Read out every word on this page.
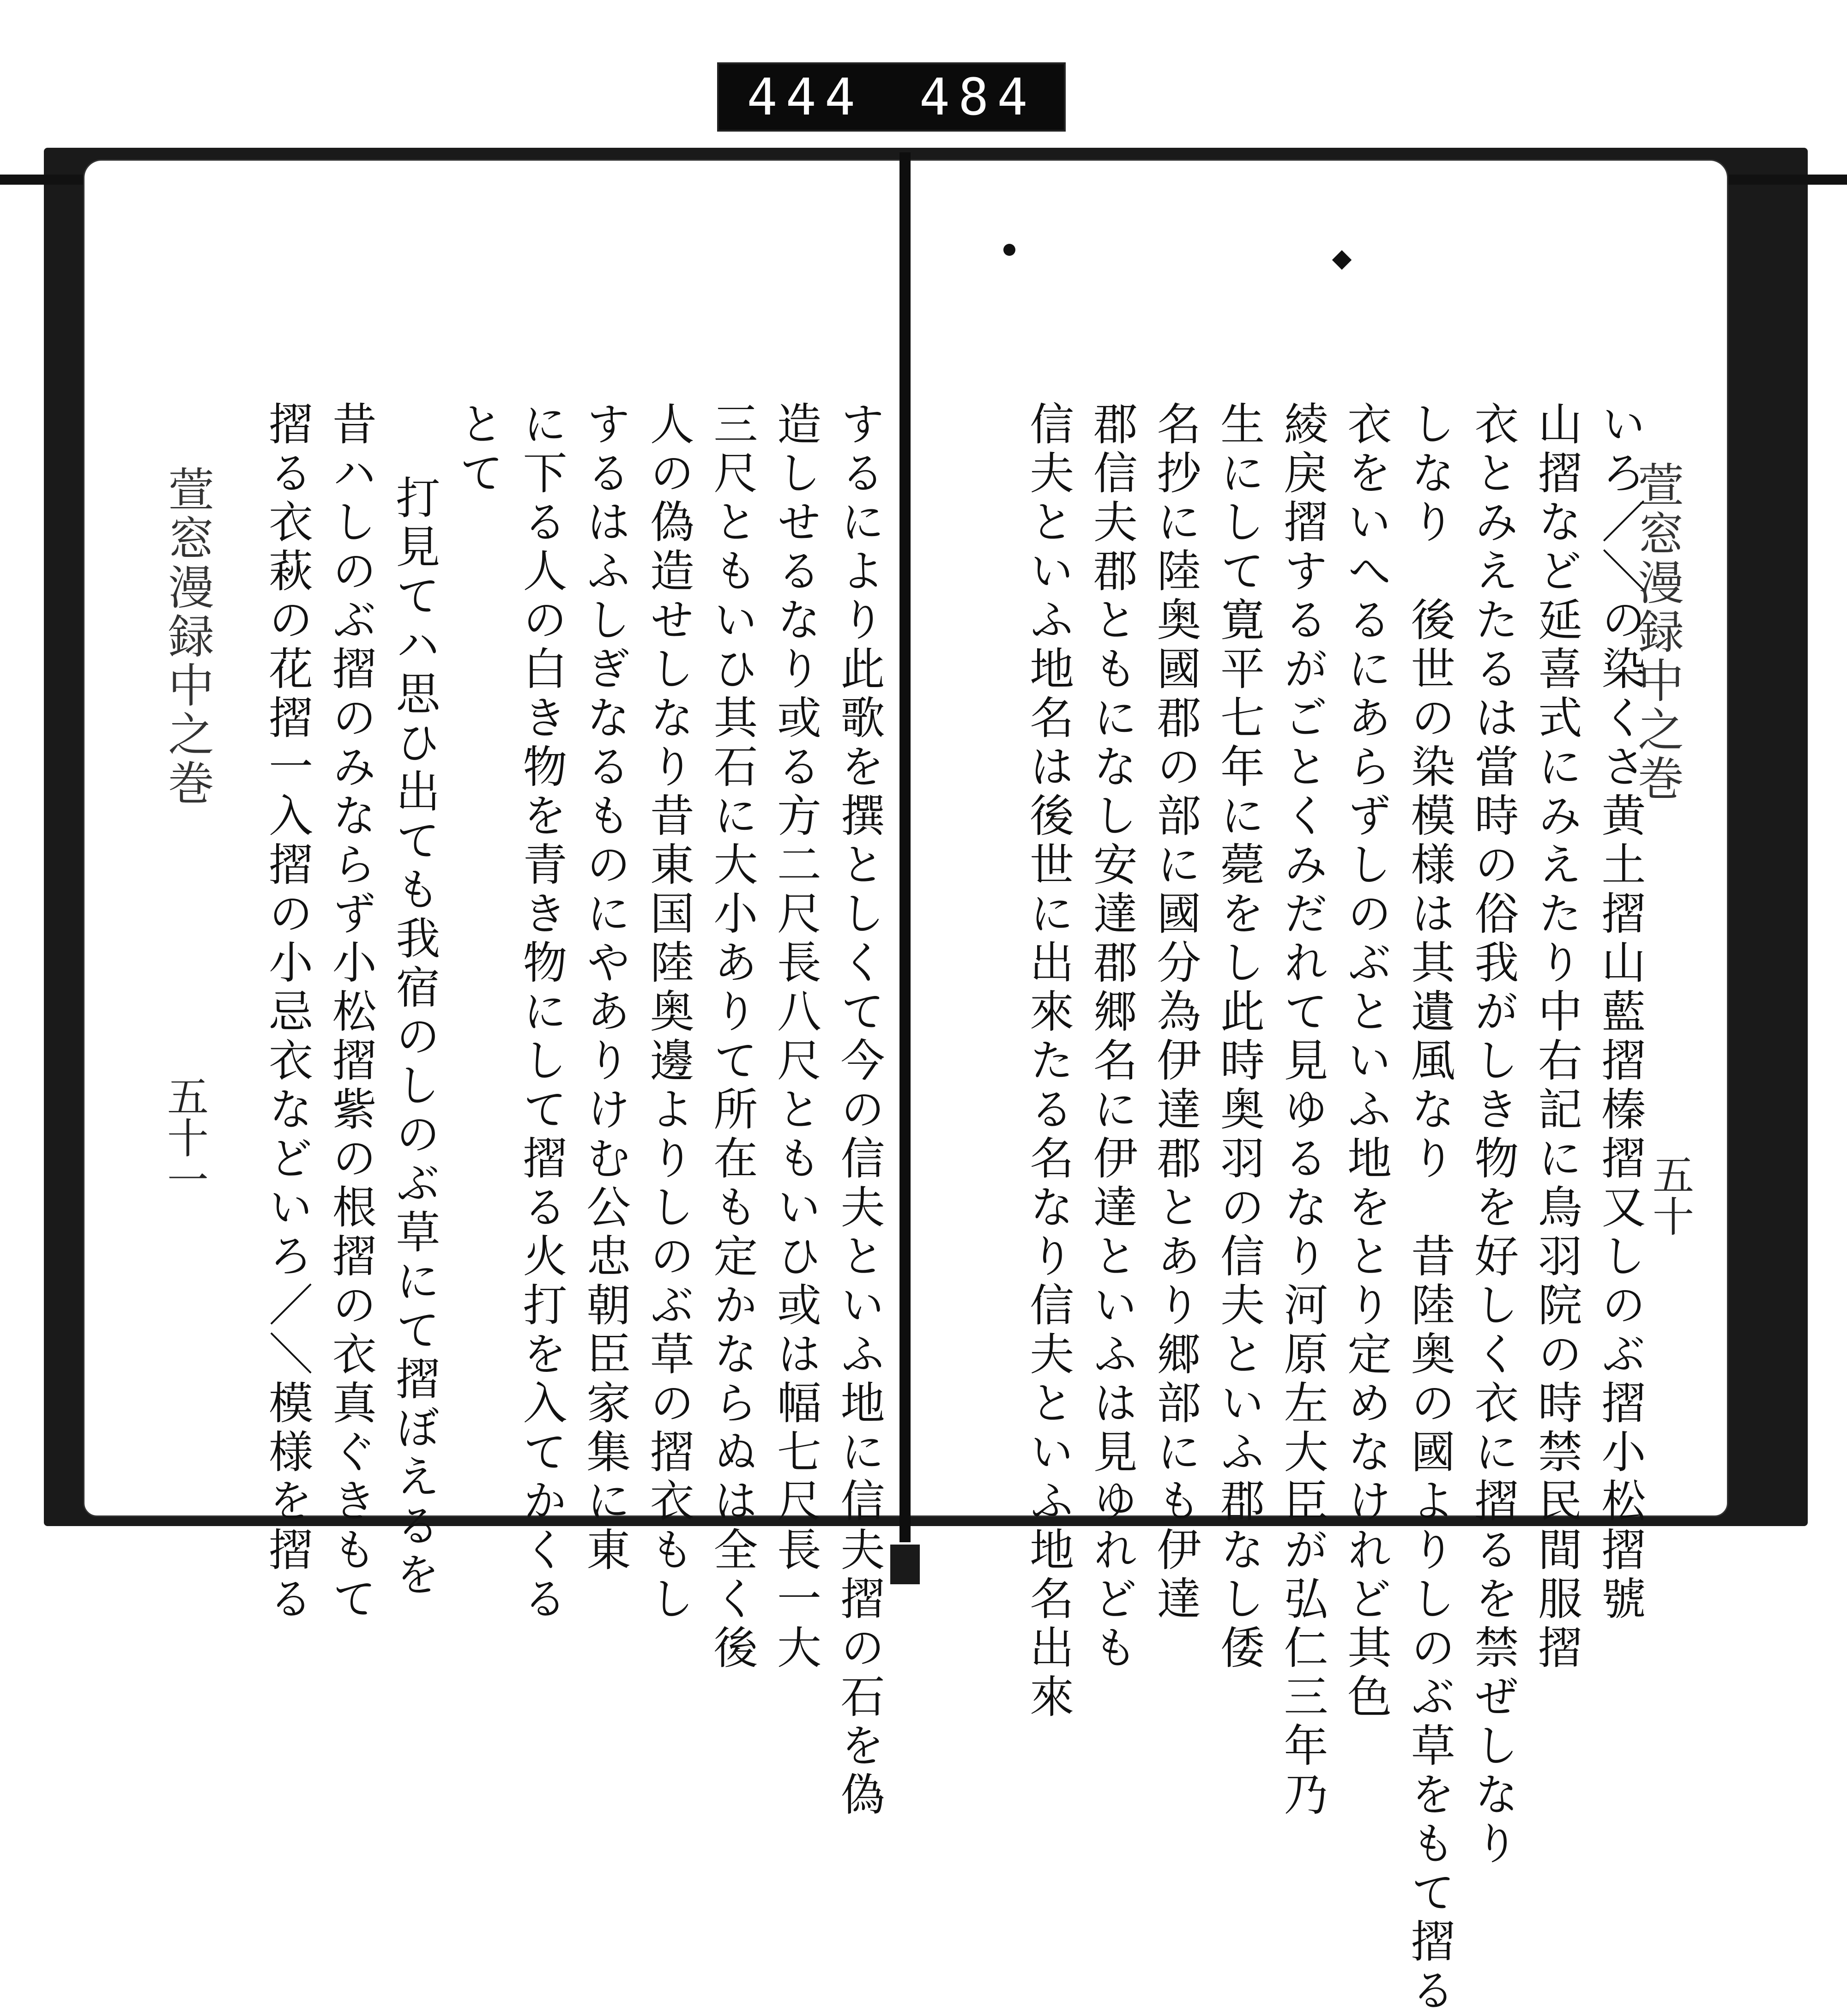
444 484
萱窓漫録中之巻
五十一	するにより此歌を撰としくて今の信夫といふ地に信夫摺の石を偽
造しせるなり或る方二尺長八尺ともいひ或は幅七尺長一大
三尺ともいひ其石に大小ありて所在も定かならぬは全く後
人の偽造せしなり昔東国陸奥邊よりしのぶ草の摺衣もし
するはふしぎなるものにやありけむ公忠朝臣家集に東
に下る人の白き物を青き物にして摺る火打を入てかくる
とて
打見てハ思ひ出ても我宿のしのぶ草にて摺ぼえるを
昔ハしのぶ摺のみならず小松摺紫の根摺の衣真ぐきもて
摺る衣萩の花摺一入摺の小忌衣などいろ／＼模様を摺る	萱窓漫録中之巻
五十
いろ／＼の染くさ黄土摺山藍摺榛摺又しのぶ摺小松摺號
山摺など延喜式にみえたり中右記に鳥羽院の時禁民間服摺
衣とみえたるは當時の俗我がしき物を好しく衣に摺るを禁ぜしなり
しなり　後世の染模様は其遺風なり　昔陸奥の國よりしのぶ草をもて摺る
衣をいへるにあらずしのぶといふ地をとり定めなけれど其色
綾戾摺するがごとくみだれて見ゆるなり河原左大臣が弘仁三年乃
生にして寛平七年に薨をし此時奥羽の信夫といふ郡なし倭
名抄に陸奥國郡の部に國分為伊達郡とあり郷部にも伊達
郡信夫郡ともになし安達郡郷名に伊達といふは見ゆれども
信夫といふ地名は後世に出來たる名なり信夫といふ地名出來
